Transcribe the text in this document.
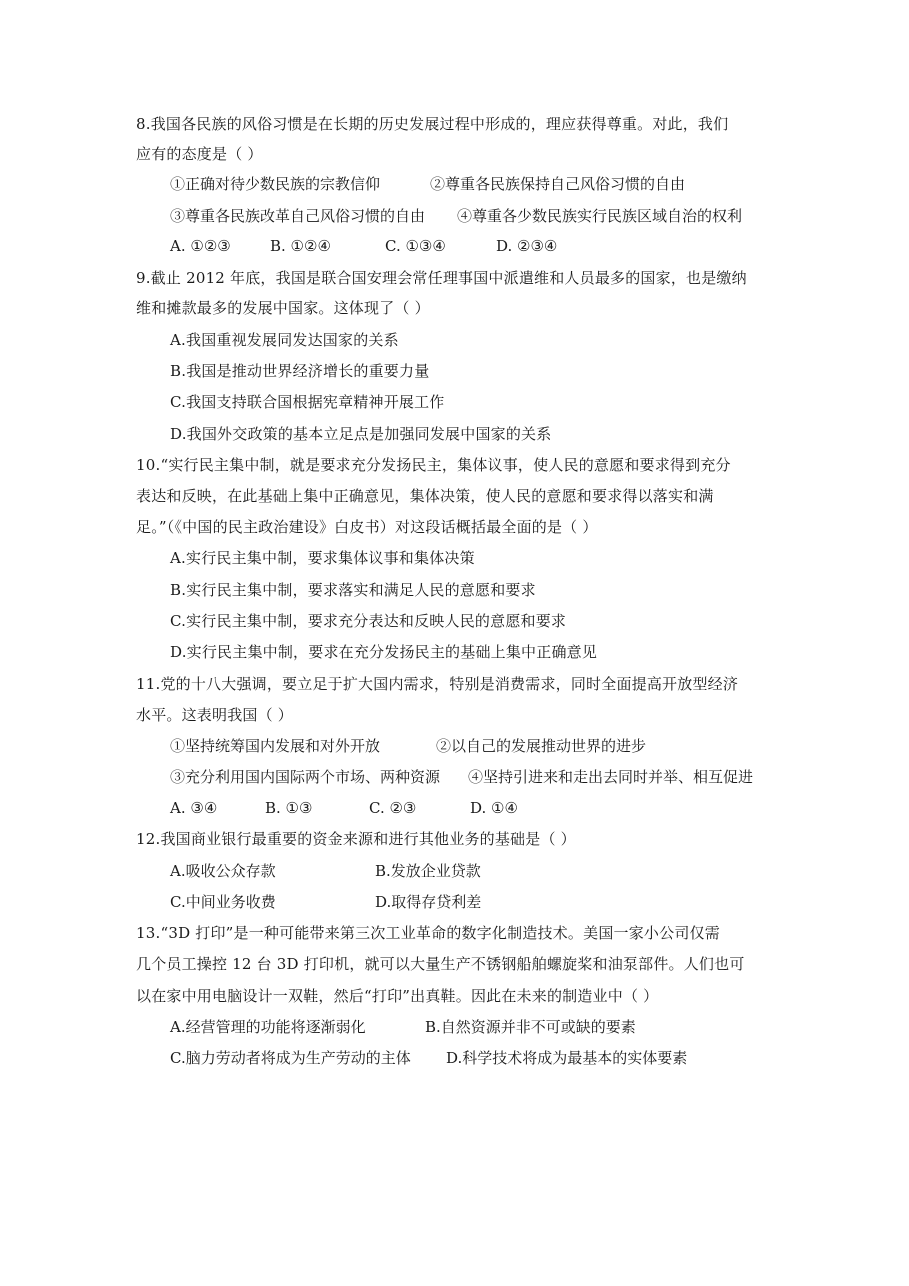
8.我国各民族的风俗习惯是在长期的历史发展过程中形成的，理应获得尊重。对此，我们
应有的态度是（ ）
①正确对待少数民族的宗教信仰	②尊重各民族保持自己风俗习惯的自由
③尊重各民族改革自己风俗习惯的自由 ④尊重各少数民族实行民族区域自治的权利
A. ①②③	B. ①②④	C. ①③④	D. ②③④
9.截止 2012 年底，我国是联合国安理会常任理事国中派遣维和人员最多的国家，也是缴纳
维和摊款最多的发展中国家。这体现了（ ）
A.我国重视发展同发达国家的关系
B.我国是推动世界经济增长的重要力量
C.我国支持联合国根据宪章精神开展工作
D.我国外交政策的基本立足点是加强同发展中国家的关系
10.“实行民主集中制，就是要求充分发扬民主，集体议事，使人民的意愿和要求得到充分
表达和反映，在此基础上集中正确意见，集体决策，使人民的意愿和要求得以落实和满
足。”（《中国的民主政治建设》白皮书）对这段话概括最全面的是（ ）
A.实行民主集中制，要求集体议事和集体决策
B.实行民主集中制，要求落实和满足人民的意愿和要求
C.实行民主集中制，要求充分表达和反映人民的意愿和要求
D.实行民主集中制，要求在充分发扬民主的基础上集中正确意见
11.党的十八大强调，要立足于扩大国内需求，特别是消费需求，同时全面提高开放型经济
水平。这表明我国（ ）
①坚持统筹国内发展和对外开放	②以自己的发展推动世界的进步
③充分利用国内国际两个市场、两种资源 ④坚持引进来和走出去同时并举、相互促进
A. ③④	B. ①③	C. ②③	D. ①④
12.我国商业银行最重要的资金来源和进行其他业务的基础是（ ）
A.吸收公众存款	B.发放企业贷款
C.中间业务收费	D.取得存贷利差
13.“3D 打印”是一种可能带来第三次工业革命的数字化制造技术。美国一家小公司仅需
几个员工操控 12 台 3D 打印机，就可以大量生产不锈钢船舶螺旋桨和油泵部件。人们也可
以在家中用电脑设计一双鞋，然后“打印”出真鞋。因此在未来的制造业中（ ）
A.经营管理的功能将逐渐弱化	B.自然资源并非不可或缺的要素
C.脑力劳动者将成为生产劳动的主体 D.科学技术将成为最基本的实体要素
